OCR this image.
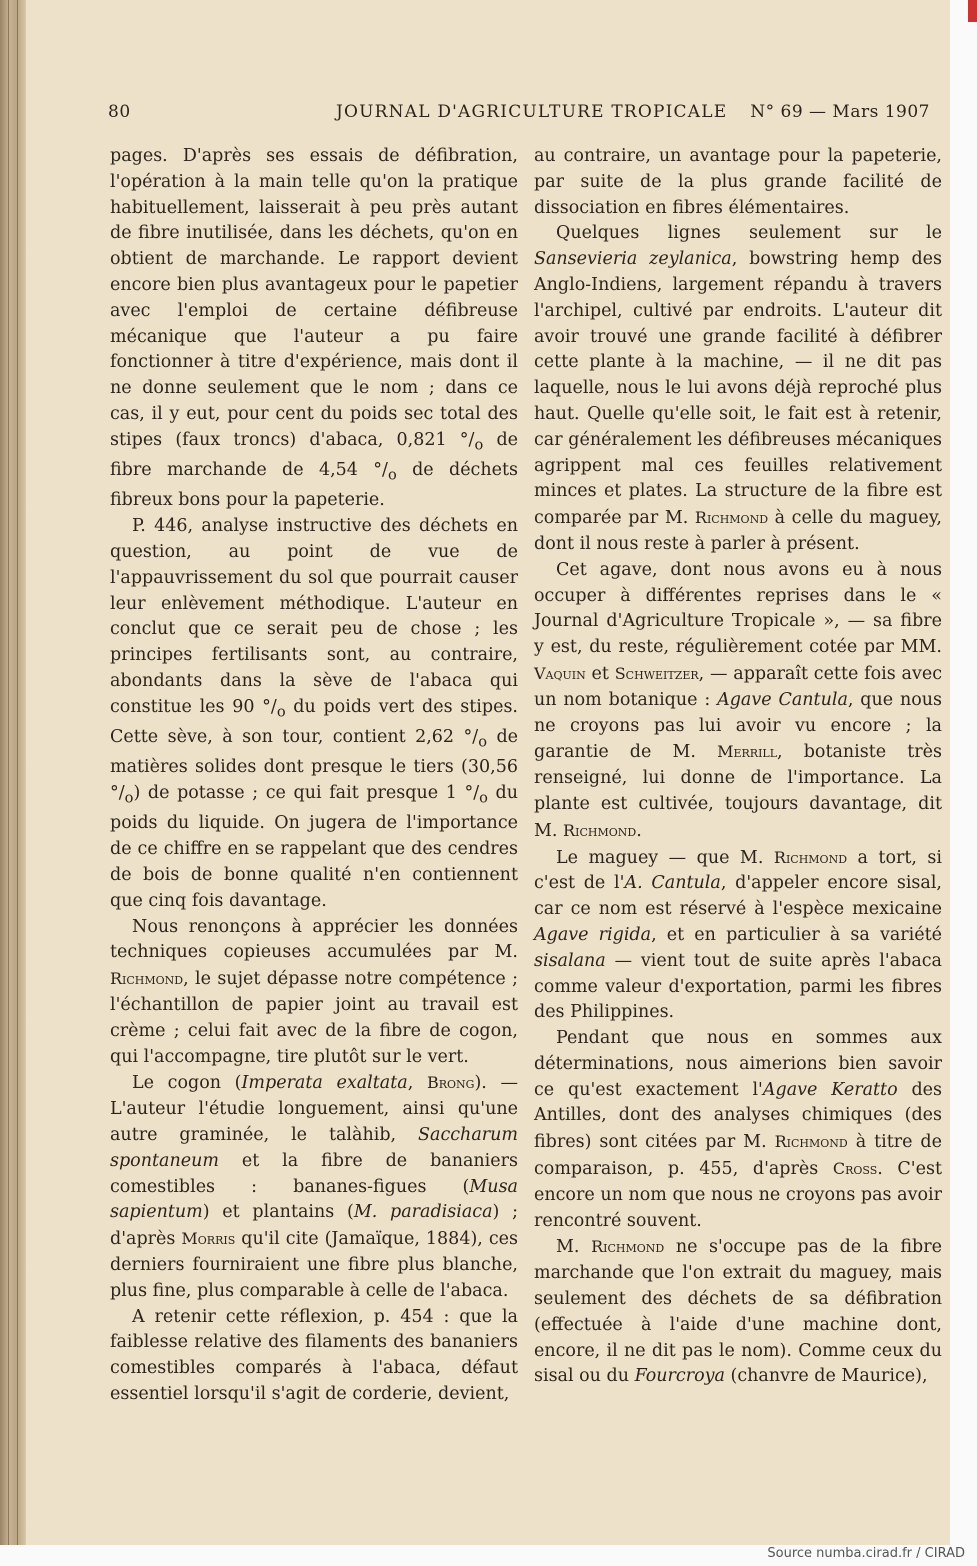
80	JOURNAL D'AGRICULTURE TROPICALE N° 69 — Mars 1907

pages. D'après ses essais de défibration, l'opération à la main telle qu'on la pratique habituellement, laisserait à peu près autant de fibre inutilisée, dans les déchets, qu'on en obtient de marchande. Le rapport devient encore bien plus avantageux pour le papetier avec l'emploi de certaine défibreuse mécanique que l'auteur a pu faire fonctionner à titre d'expérience, mais dont il ne donne seulement que le nom ; dans ce cas, il y eut, pour cent du poids sec total des stipes (faux troncs) d'abaca, 0,821 $^\circ/_o$ de fibre marchande de 4,54 $^\circ/_o$ de déchets fibreux bons pour la papeterie.

P. 446, analyse instructive des déchets en question, au point de vue de l'appauvrissement du sol que pourrait causer leur enlèvement méthodique. L'auteur en conclut que ce serait peu de chose ; les principes fertilisants sont, au contraire, abondants dans la sève de l'abaca qui constitue les 90 $^\circ/_o$ du poids vert des stipes. Cette sève, à son tour, contient 2,62 $^\circ/_o$ de matières solides dont presque le tiers (30,56 $^\circ/_o$) de potasse ; ce qui fait presque 1 $^\circ/_o$ du poids du liquide. On jugera de l'importance de ce chiffre en se rappelant que des cendres de bois de bonne qualité n'en contiennent que cinq fois davantage.

Nous renonçons à apprécier les données techniques copieuses accumulées par M. Richmond, le sujet dépasse notre compétence ; l'échantillon de papier joint au travail est crème ; celui fait avec de la fibre de cogon, qui l'accompagne, tire plutôt sur le vert.

Le cogon (Imperata exaltata, Brong). — L'auteur l'étudie longuement, ainsi qu'une autre graminée, le talàhib, Saccharum spontaneum et la fibre de bananiers comestibles : bananes-figues (Musa sapientum) et plantains (M. paradisiaca) ; d'après Morris qu'il cite (Jamaïque, 1884), ces derniers fourniraient une fibre plus blanche, plus fine, plus comparable à celle de l'abaca.

A retenir cette réflexion, p. 454 : que la faiblesse relative des filaments des bananiers comestibles comparés à l'abaca, défaut essentiel lorsqu'il s'agit de corderie, devient,

au contraire, un avantage pour la papeterie, par suite de la plus grande facilité de dissociation en fibres élémentaires.

Quelques lignes seulement sur le Sansevieria zeylanica, bowstring hemp des Anglo-Indiens, largement répandu à travers l'archipel, cultivé par endroits. L'auteur dit avoir trouvé une grande facilité à défibrer cette plante à la machine, — il ne dit pas laquelle, nous le lui avons déjà reproché plus haut. Quelle qu'elle soit, le fait est à retenir, car généralement les défibreuses mécaniques agrippent mal ces feuilles relativement minces et plates. La structure de la fibre est comparée par M. Richmond à celle du maguey, dont il nous reste à parler à présent.

Cet agave, dont nous avons eu à nous occuper à différentes reprises dans le « Journal d'Agriculture Tropicale », — sa fibre y est, du reste, régulièrement cotée par MM. Vaquin et Schweitzer, — apparaît cette fois avec un nom botanique : Agave Cantula, que nous ne croyons pas lui avoir vu encore ; la garantie de M. Merrill, botaniste très renseigné, lui donne de l'importance. La plante est cultivée, toujours davantage, dit M. Richmond.

Le maguey — que M. Richmond a tort, si c'est de l'A. Cantula, d'appeler encore sisal, car ce nom est réservé à l'espèce mexicaine Agave rigida, et en particulier à sa variété sisalana — vient tout de suite après l'abaca comme valeur d'exportation, parmi les fibres des Philippines.

Pendant que nous en sommes aux déterminations, nous aimerions bien savoir ce qu'est exactement l'Agave Keratto des Antilles, dont des analyses chimiques (des fibres) sont citées par M. Richmond à titre de comparaison, p. 455, d'après Cross. C'est encore un nom que nous ne croyons pas avoir rencontré souvent.

M. Richmond ne s'occupe pas de la fibre marchande que l'on extrait du maguey, mais seulement des déchets de sa défibration (effectuée à l'aide d'une machine dont, encore, il ne dit pas le nom). Comme ceux du sisal ou du Fourcroya (chanvre de Maurice),

Source numba.cirad.fr / CIRAD
